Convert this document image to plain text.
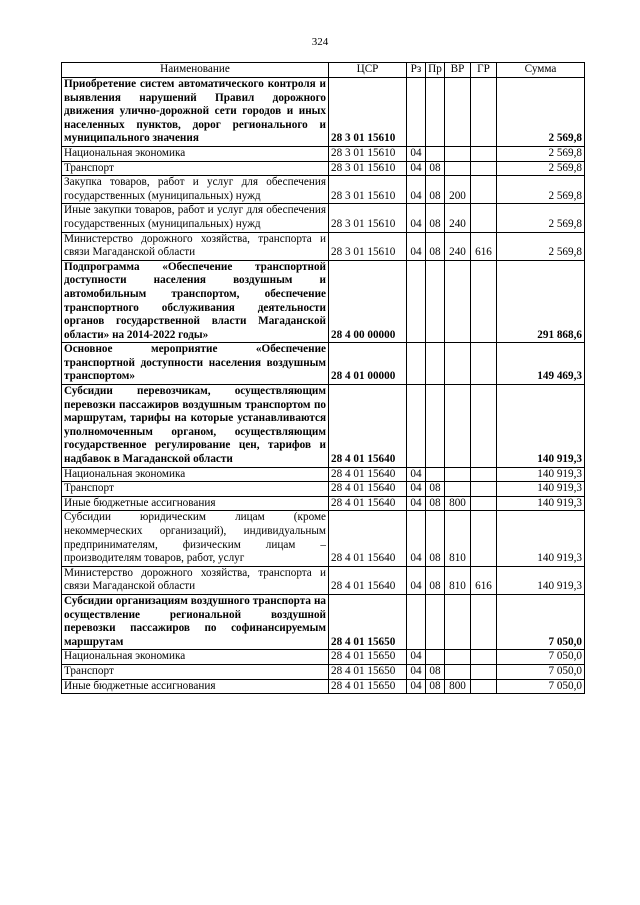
324
Наименование	ЦСР	Рз	Пр	ВР	ГР	Сумма
Приобретение систем автоматического контроля и выявления нарушений Правил дорожного движения улично-дорожной сети городов и иных населенных пунктов, дорог регионального и муниципального значения	28 3 01 15610					2 569,8
Национальная экономика	28 3 01 15610	04				2 569,8
Транспорт	28 3 01 15610	04	08			2 569,8
Закупка товаров, работ и услуг для обеспечения государственных (муниципальных) нужд	28 3 01 15610	04	08	200		2 569,8
Иные закупки товаров, работ и услуг для обеспечения государственных (муниципальных) нужд	28 3 01 15610	04	08	240		2 569,8
Министерство дорожного хозяйства, транспорта и связи Магаданской области	28 3 01 15610	04	08	240	616	2 569,8
Подпрограмма «Обеспечение транспортной доступности населения воздушным и автомобильным транспортом, обеспечение транспортного обслуживания деятельности органов государственной власти Магаданской области» на 2014-2022 годы»	28 4 00 00000					291 868,6
Основное мероприятие «Обеспечение транспортной доступности населения воздушным транспортом»	28 4 01 00000					149 469,3
Субсидии перевозчикам, осуществляющим перевозки пассажиров воздушным транспортом по маршрутам, тарифы на которые устанавливаются уполномоченным органом, осуществляющим государственное регулирование цен, тарифов и надбавок в Магаданской области	28 4 01 15640					140 919,3
Национальная экономика	28 4 01 15640	04				140 919,3
Транспорт	28 4 01 15640	04	08			140 919,3
Иные бюджетные ассигнования	28 4 01 15640	04	08	800		140 919,3
Субсидии юридическим лицам (кроме некоммерческих организаций), индивидуальным предпринимателям, физическим лицам – производителям товаров, работ, услуг	28 4 01 15640	04	08	810		140 919,3
Министерство дорожного хозяйства, транспорта и связи Магаданской области	28 4 01 15640	04	08	810	616	140 919,3
Субсидии организациям воздушного транспорта на осуществление региональной воздушной перевозки пассажиров по софинансируемым маршрутам	28 4 01 15650					7 050,0
Национальная экономика	28 4 01 15650	04				7 050,0
Транспорт	28 4 01 15650	04	08			7 050,0
Иные бюджетные ассигнования	28 4 01 15650	04	08	800		7 050,0
